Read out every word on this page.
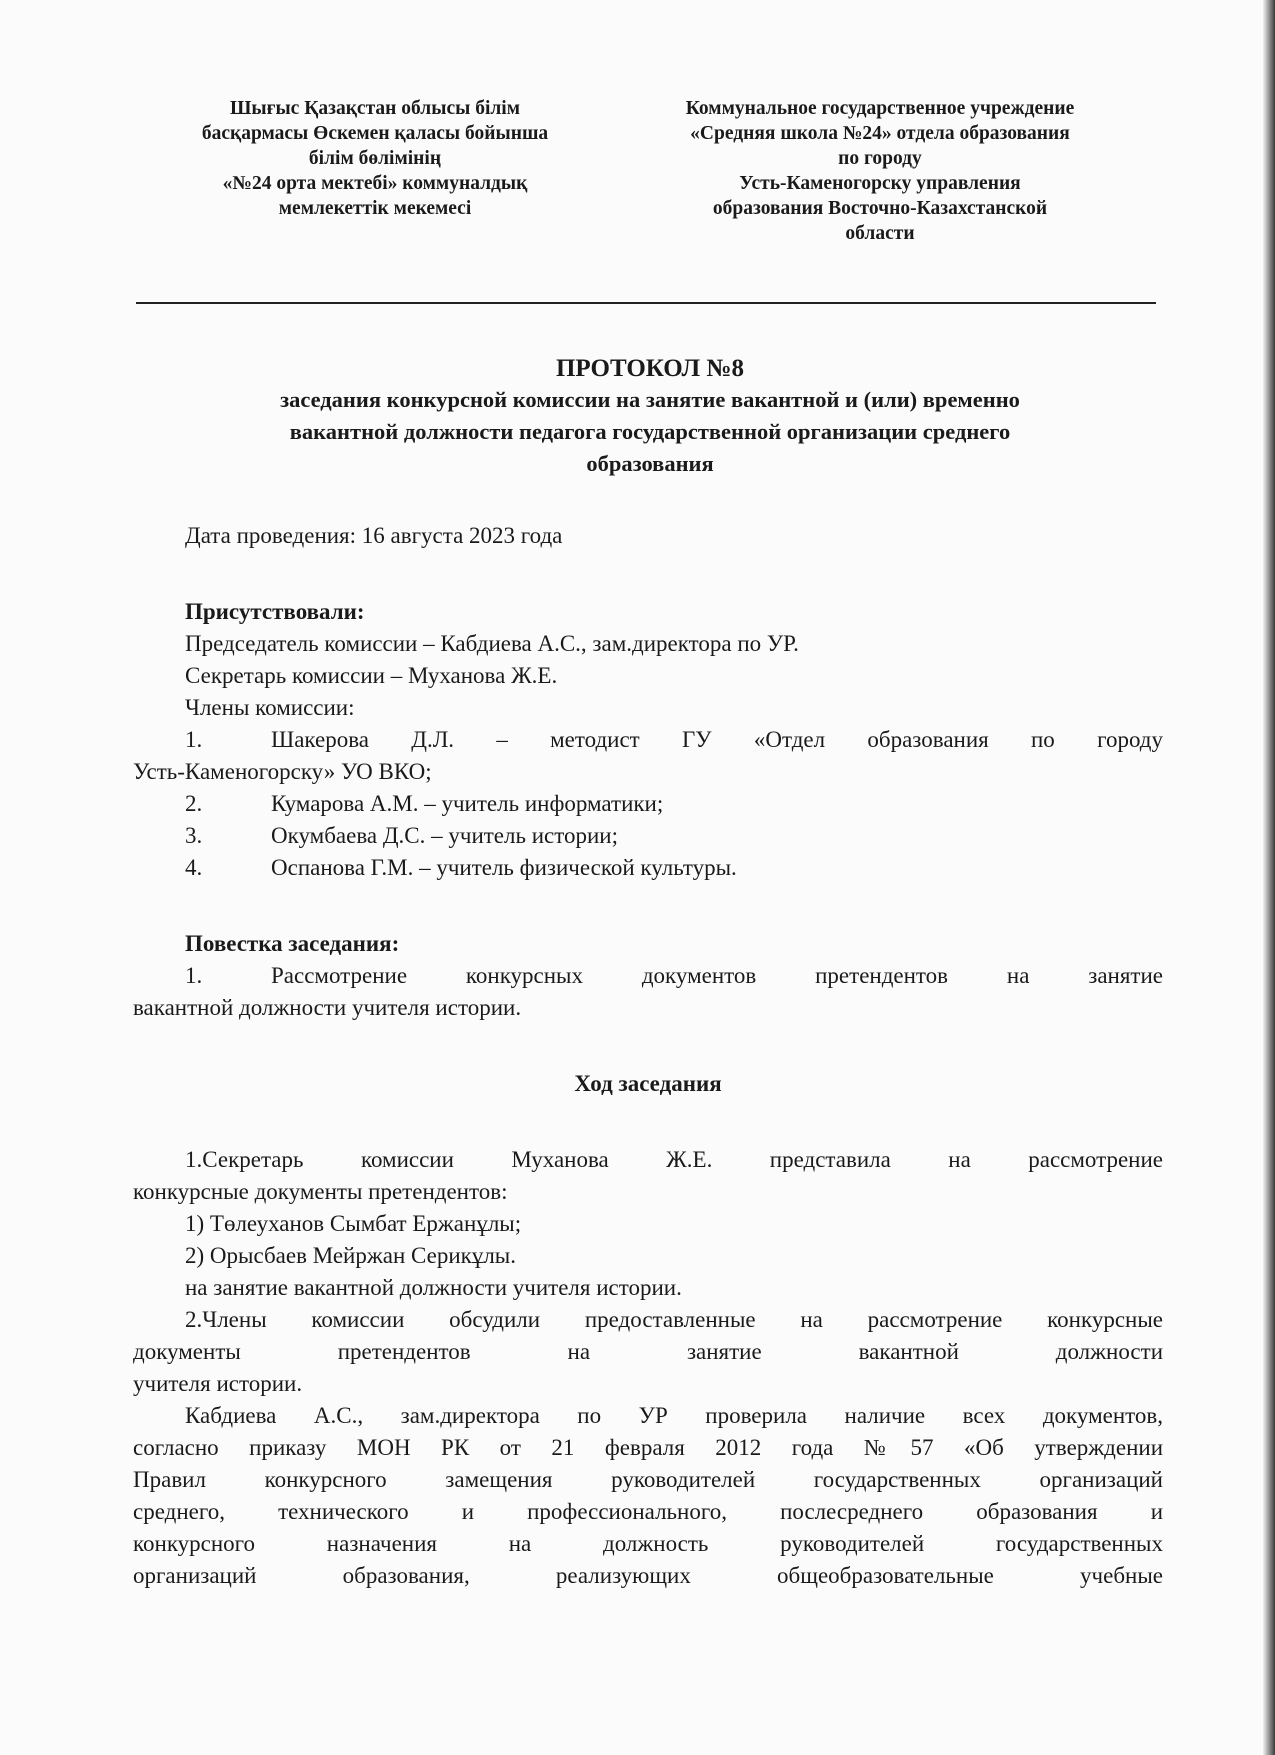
Шығыс Қазақстан облысы білім
басқармасы Өскемен қаласы бойынша
білім бөлімінің
«№24 орта мектебі» коммуналдық
мемлекеттік мекемесі
Коммунальное государственное учреждение
«Средняя школа №24» отдела образования
по городу
Усть-Каменогорску управления
образования Восточно-Казахстанской
области
ПРОТОКОЛ №8
заседания конкурсной комиссии на занятие вакантной и (или) временно
вакантной должности педагога государственной организации среднего
образования
Дата проведения: 16 августа 2023 года
Присутствовали:
Председатель комиссии – Кабдиева А.С., зам.директора по УР.
Секретарь комиссии – Муханова Ж.Е.
Члены комиссии:
1.	Шакерова Д.Л. – методист ГУ «Отдел образования по городу
Усть-Каменогорску» УО ВКО;
2.	Кумарова А.М. – учитель информатики;
3.	Окумбаева Д.С. – учитель истории;
4.	Оспанова Г.М. – учитель физической культуры.
Повестка заседания:
1.	Рассмотрение конкурсных документов претендентов на занятие
вакантной должности учителя истории.
Ход заседания
1.Секретарь комиссии Муханова Ж.Е. представила на рассмотрение
конкурсные документы претендентов:
1) Төлеуханов Сымбат Ержанұлы;
2) Орысбаев Мейржан Серикұлы.
на занятие вакантной должности учителя истории.
2.Члены комиссии обсудили предоставленные на рассмотрение конкурсные
документы претендентов на занятие вакантной должности
учителя истории.
Кабдиева А.С., зам.директора по УР проверила наличие всех документов,
согласно приказу МОН РК от 21 февраля 2012 года №57 «Об утверждении
Правил конкурсного замещения руководителей государственных организаций
среднего, технического и профессионального, послесреднего образования и
конкурсного назначения на должность руководителей государственных
организаций образования, реализующих общеобразовательные учебные
